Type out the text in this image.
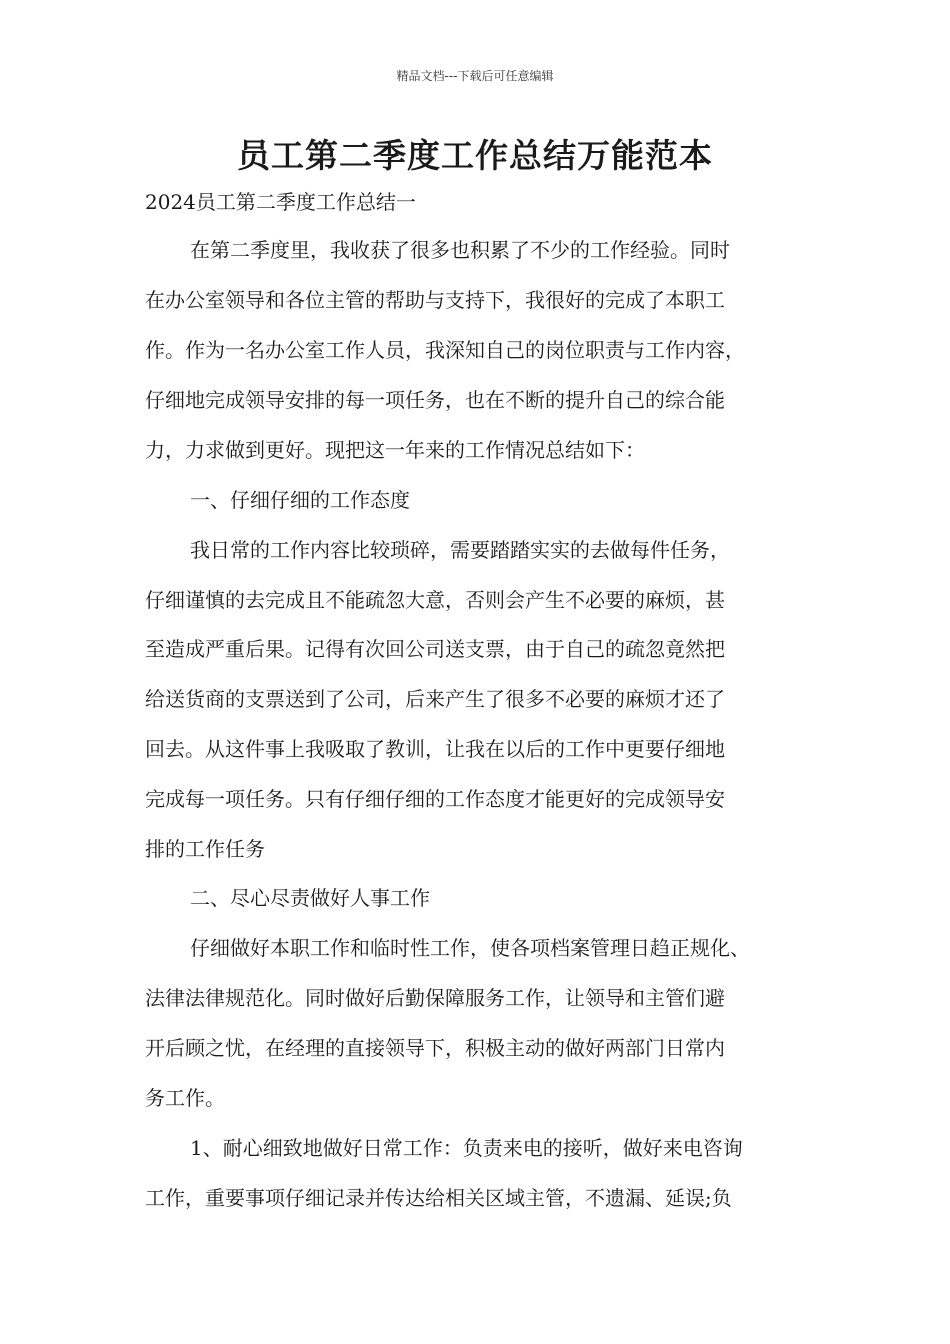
精品文档---下载后可任意编辑
员工第二季度工作总结万能范本
2024员工第二季度工作总结一
在第二季度里，我收获了很多也积累了不少的工作经验。同时
在办公室领导和各位主管的帮助与支持下，我很好的完成了本职工
作。作为一名办公室工作人员，我深知自己的岗位职责与工作内容，
仔细地完成领导安排的每一项任务，也在不断的提升自己的综合能
力，力求做到更好。现把这一年来的工作情况总结如下：
一、仔细仔细的工作态度
我日常的工作内容比较琐碎，需要踏踏实实的去做每件任务，
仔细谨慎的去完成且不能疏忽大意，否则会产生不必要的麻烦，甚
至造成严重后果。记得有次回公司送支票，由于自己的疏忽竟然把
给送货商的支票送到了公司，后来产生了很多不必要的麻烦才还了
回去。从这件事上我吸取了教训，让我在以后的工作中更要仔细地
完成每一项任务。只有仔细仔细的工作态度才能更好的完成领导安
排的工作任务
二、尽心尽责做好人事工作
仔细做好本职工作和临时性工作，使各项档案管理日趋正规化、
法律法律规范化。同时做好后勤保障服务工作，让领导和主管们避
开后顾之忧，在经理的直接领导下，积极主动的做好两部门日常内
务工作。
1、耐心细致地做好日常工作：负责来电的接听，做好来电咨询
工作，重要事项仔细记录并传达给相关区域主管，不遗漏、延误;负
